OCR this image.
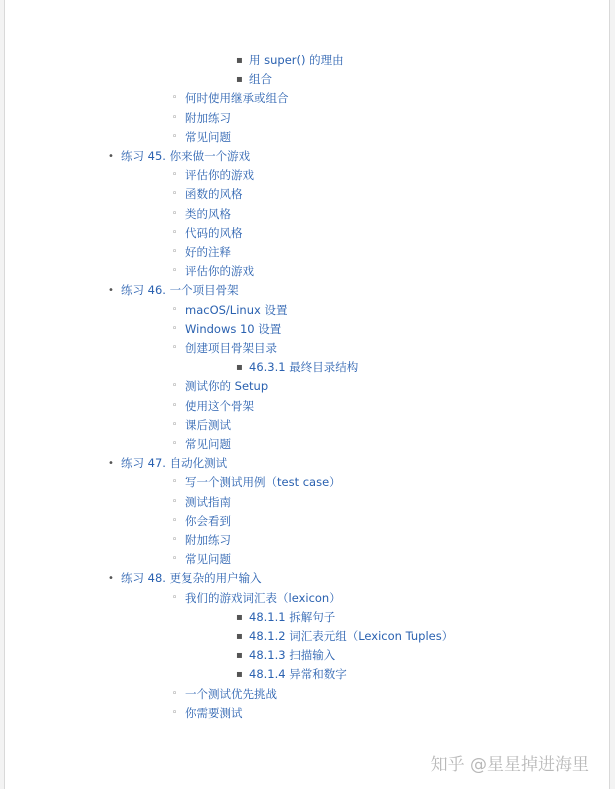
▪ 用 super() 的理由
▪ 组合
◦ 何时使用继承或组合
◦ 附加练习
◦ 常见问题
• 练习 45. 你来做一个游戏
◦ 评估你的游戏
◦ 函数的风格
◦ 类的风格
◦ 代码的风格
◦ 好的注释
◦ 评估你的游戏
• 练习 46. 一个项目骨架
◦ macOS/Linux 设置
◦ Windows 10 设置
◦ 创建项目骨架目录
▪ 46.3.1 最终目录结构
◦ 测试你的 Setup
◦ 使用这个骨架
◦ 课后测试
◦ 常见问题
• 练习 47. 自动化测试
◦ 写一个测试用例（test case）
◦ 测试指南
◦ 你会看到
◦ 附加练习
◦ 常见问题
• 练习 48. 更复杂的用户输入
◦ 我们的游戏词汇表（lexicon）
▪ 48.1.1 拆解句子
▪ 48.1.2 词汇表元组（Lexicon Tuples）
▪ 48.1.3 扫描输入
▪ 48.1.4 异常和数字
◦ 一个测试优先挑战
◦ 你需要测试
知乎 @星星掉进海里
